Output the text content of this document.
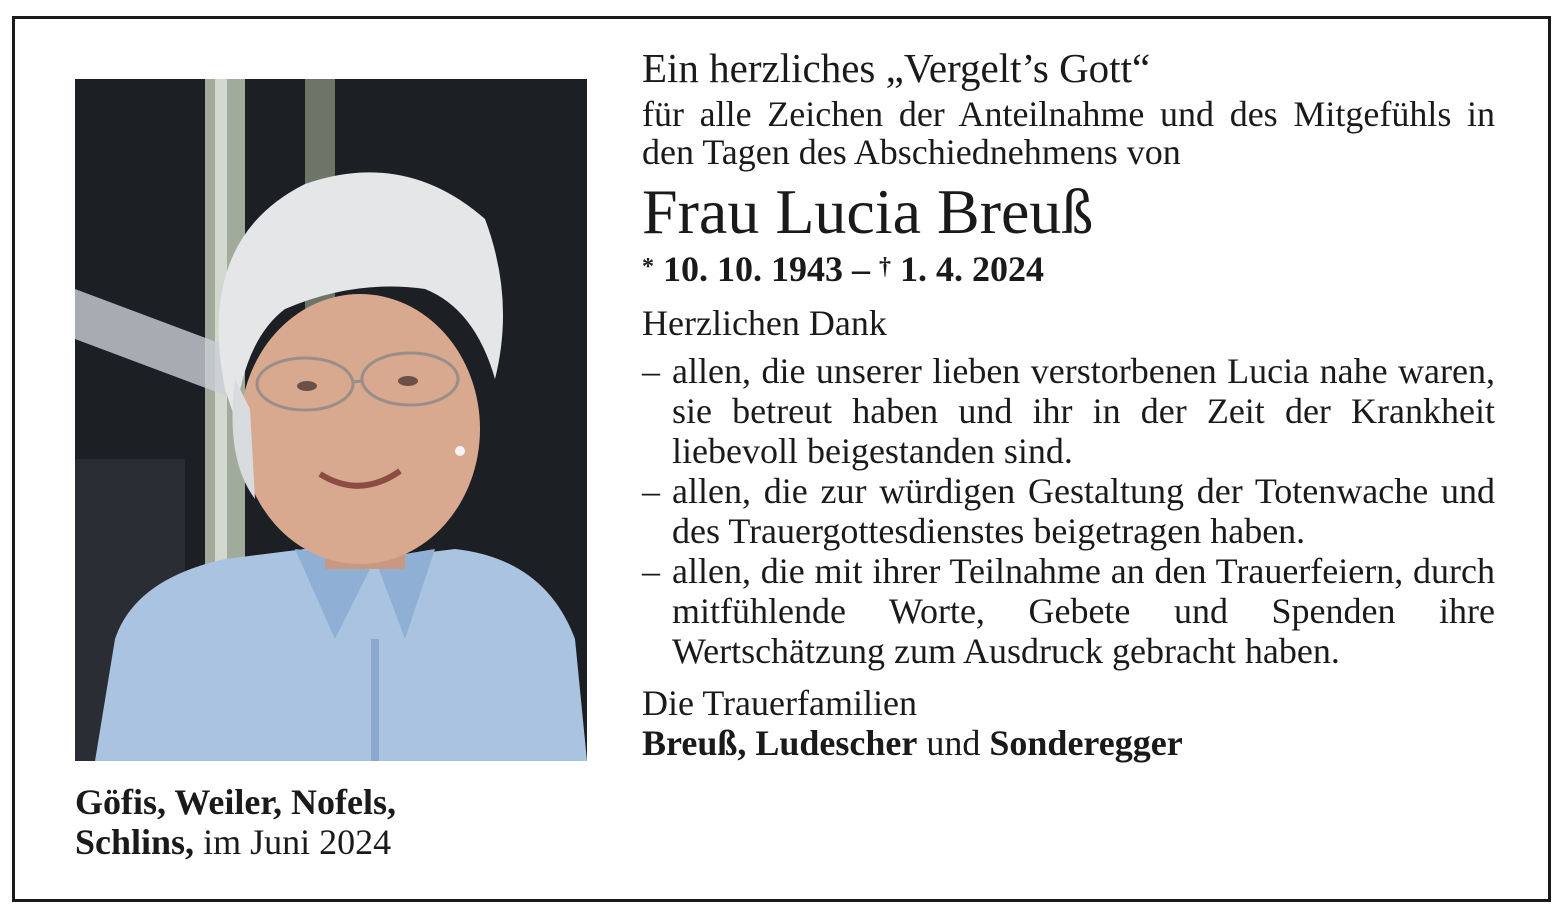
Göfis, Weiler, Nofels,
Schlins, im Juni 2024
Ein herzliches „Vergelt’s Gott“

für alle Zeichen der Anteilnahme und des Mitgefühls in den Tagen des Abschiednehmens von

Frau Lucia Breuß
* 10. 10. 1943 – † 1. 4. 2024

Herzlichen Dank

– allen, die unserer lieben verstorbenen Lucia nahe waren, sie betreut haben und ihr in der Zeit der Krankheit liebevoll beigestanden sind.
– allen, die zur würdigen Gestaltung der Totenwache und des Trauergottesdienstes beigetragen haben.
– allen, die mit ihrer Teilnahme an den Trauerfeiern, durch mitfühlende Worte, Gebete und Spenden ihre Wertschätzung zum Ausdruck gebracht haben.

Die Trauerfamilien

Breuß, Ludescher und Sonderegger
